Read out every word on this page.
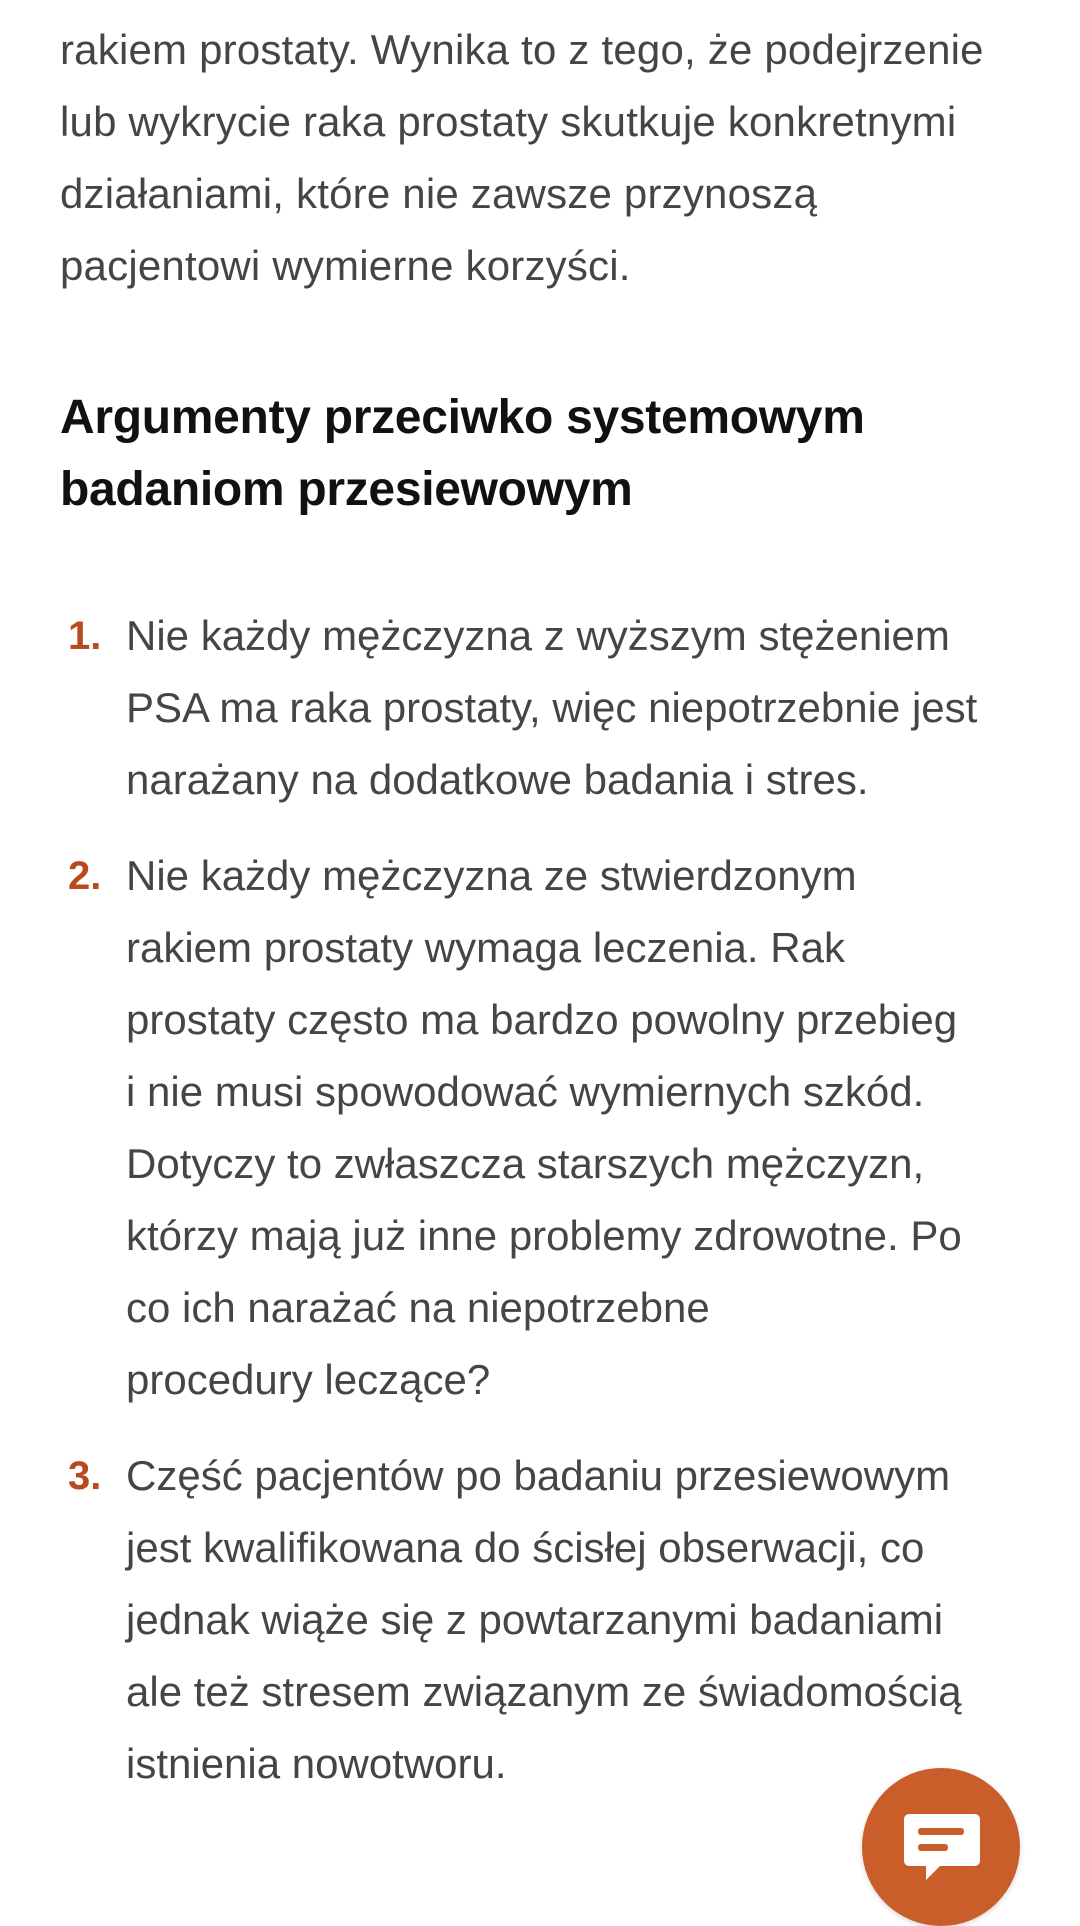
rakiem prostaty. Wynika to z tego, że podejrzenie
lub wykrycie raka prostaty skutkuje konkretnymi
działaniami, które nie zawsze przynoszą
pacjentowi wymierne korzyści.

Argumenty przeciwko systemowym
badaniom przesiewowym
1. Nie każdy mężczyzna z wyższym stężeniem
PSA ma raka prostaty, więc niepotrzebnie jest
narażany na dodatkowe badania i stres.
2. Nie każdy mężczyzna ze stwierdzonym
rakiem prostaty wymaga leczenia. Rak
prostaty często ma bardzo powolny przebieg
i nie musi spowodować wymiernych szkód.
Dotyczy to zwłaszcza starszych mężczyzn,
którzy mają już inne problemy zdrowotne. Po
co ich narażać na niepotrzebne
procedury leczące?
3. Część pacjentów po badaniu przesiewowym
jest kwalifikowana do ścisłej obserwacji, co
jednak wiąże się z powtarzanymi badaniami
ale też stresem związanym ze świadomością
istnienia nowotworu.
